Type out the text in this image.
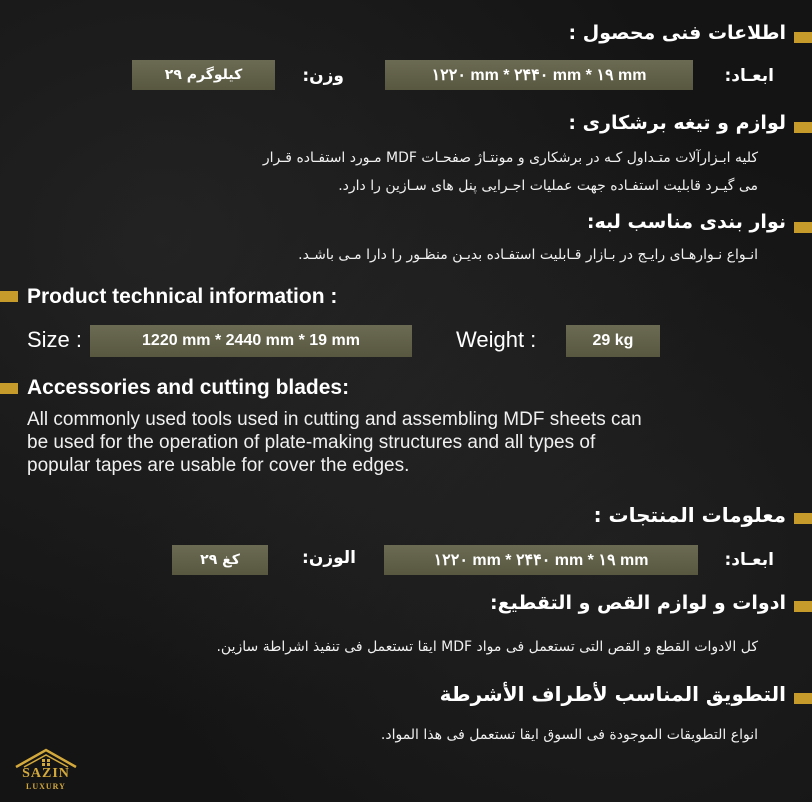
اطلاعات فنی محصول :
ابعـاد:
۱۲۲۰ mm * ۲۴۴۰ mm * ۱۹ mm
وزن:
۲۹ کیلوگرم
لوازم و تیغه برشکاری :
کلیه ابـزارآلات متـداول کـه در برشکاری و مونتـاژ صفحـات MDF مـورد استفـاده قـرار
می گیـرد قابلیت استفـاده جهت عملیات اجـرایی پنل های سـازین را دارد.
نوار بندی مناسب لبه:
انـواع نـوارهـای رایـج در بـازار قـابلیت استفـاده بدیـن منظـور را دارا مـی باشـد.
Product technical information :
Size :	1220 mm * 2440 mm * 19 mm	Weight :	29 kg
Accessories and cutting blades:
All commonly used tools used in cutting and assembling MDF sheets can
be used for the operation of plate-making structures and all types of
popular tapes are usable for cover the edges.
معلومات المنتجات :
ابعـاد:
۱۲۲۰ mm * ۲۴۴۰ mm * ۱۹ mm
الوزن:
۲۹ کغ
ادوات و لوازم القص و التقطيع:
كل الادوات القطع و القص التى تستعمل فى مواد MDF ايقا تستعمل فى تنفيذ اشراطة سازين.
التطويق المناسب لأطراف الأشرطة
انواع التطويقات الموجودة فى السوق ايقا تستعمل فى هذا المواد.
SAZIN
LUXURY
